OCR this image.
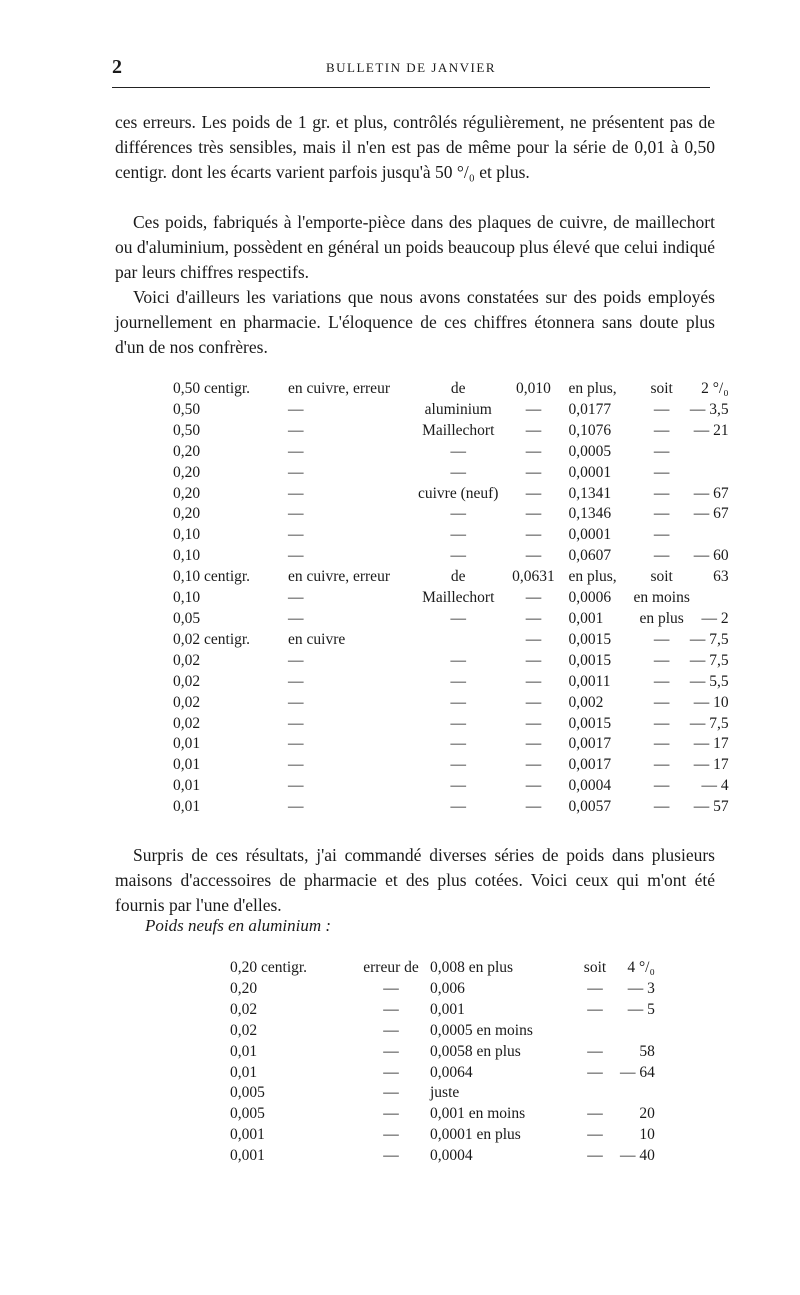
2	BULLETIN DE JANVIER

ces erreurs. Les poids de 1 gr. et plus, contrôlés régulièrement, ne présentent pas de différences très sensibles, mais il n'en est pas de même pour la série de 0,01 à 0,50 centigr. dont les écarts varient parfois jusqu'à 50 °/₀ et plus.

Ces poids, fabriqués à l'emporte-pièce dans des plaques de cuivre, de maillechort ou d'aluminium, possèdent en général un poids beaucoup plus élevé que celui indiqué par leurs chiffres respectifs.

Voici d'ailleurs les variations que nous avons constatées sur des poids employés journellement en pharmacie. L'éloquence de ces chiffres étonnera sans doute plus d'un de nos confrères.

0,50 centigr.	en cuivre, erreur	de	0,010	en plus,	soit	2 °/₀
0,50	—	aluminium	—	0,0177	—	— 3,5
0,50	—	Maillechort	—	0,1076	—	— 21
0,20	—	—	—	0,0005	—	
0,20	—	—	—	0,0001	—	
0,20	—	cuivre (neuf)	—	0,1341	—	— 67
0,20	—	—	—	0,1346	—	— 67
0,10	—	—	—	0,0001	—	
0,10	—	—	—	0,0607	—	— 60
0,10 centigr.	en cuivre, erreur	de	0,0631	en plus,	soit	63
0,10	—	Maillechort	—	0,0006	en moins	
0,05	—	—	—	0,001	en plus	— 2
0,02 centigr.	en cuivre		—	0,0015	—	— 7,5
0,02	—	—	—	0,0015	—	— 7,5
0,02	—	—	—	0,0011	—	— 5,5
0,02	—	—	—	0,002	—	— 10
0,02	—	—	—	0,0015	—	— 7,5
0,01	—	—	—	0,0017	—	— 17
0,01	—	—	—	0,0017	—	— 17
0,01	—	—	—	0,0004	—	— 4
0,01	—	—	—	0,0057	—	— 57

Surpris de ces résultats, j'ai commandé diverses séries de poids dans plusieurs maisons d'accessoires de pharmacie et des plus cotées. Voici ceux qui m'ont été fournis par l'une d'elles.

Poids neufs en aluminium :
0,20 centigr.	erreur de	0,008 en plus	soit	4 °/₀
0,20	—	0,006	—	— 3
0,02	—	0,001	—	— 5
0,02	—	0,0005 en moins		
0,01	—	0,0058 en plus	—	58
0,01	—	0,0064	—	— 64
0,005	—	juste		
0,005	—	0,001 en moins	—	20
0,001	—	0,0001 en plus	—	10
0,001	—	0,0004	—	— 40
